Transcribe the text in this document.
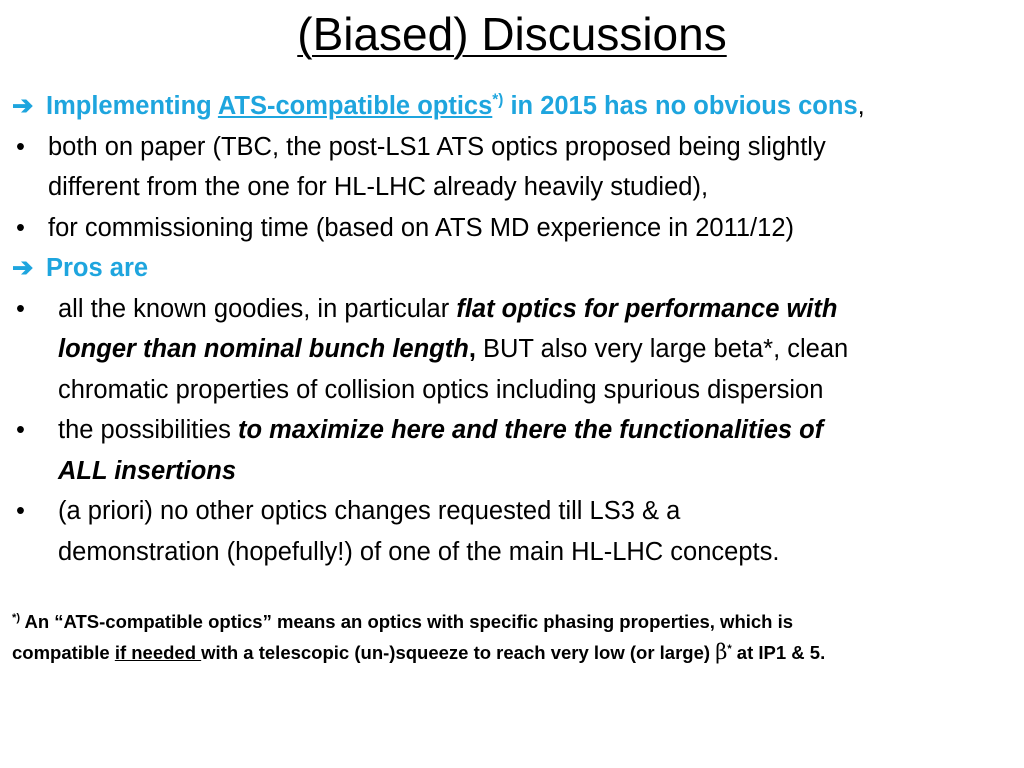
(Biased) Discussions
➔ Implementing ATS-compatible optics*) in 2015 has no obvious cons,
• both on paper (TBC, the post-LS1 ATS optics proposed being slightly
different from the one for HL-LHC already heavily studied),
• for commissioning time (based on ATS MD experience in 2011/12)
➔ Pros are
• all the known goodies, in particular flat optics for performance with
longer than nominal bunch length, BUT also very large beta*, clean
chromatic properties of collision optics including spurious dispersion
• the possibilities to maximize here and there the functionalities of
ALL insertions
• (a priori) no other optics changes requested till LS3 & a
demonstration (hopefully!) of one of the main HL-LHC concepts.
*) An “ATS-compatible optics” means an optics with specific phasing properties, which is
compatible if needed with a telescopic (un-)squeeze to reach very low (or large) β* at IP1 & 5.
